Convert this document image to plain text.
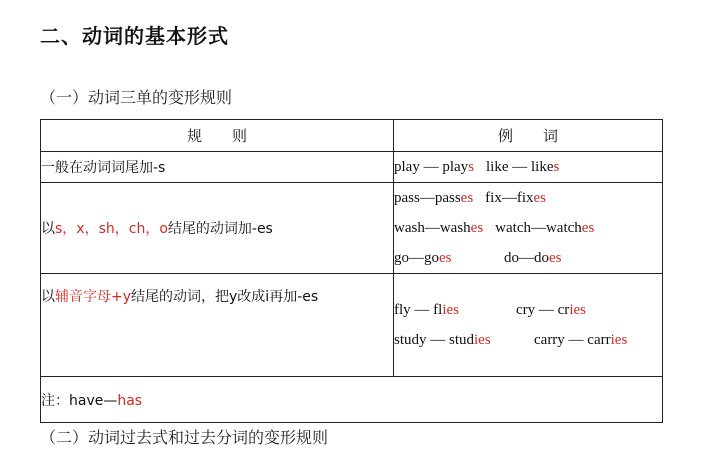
二、动词的基本形式
（一）动词三单的变形规则
规　　则	例　　词
一般在动词词尾加-s	play — plays like — likes

以s，x，sh，ch，o结尾的动词加-es	pass—passes fix—fixes
wash—washes watch—watches
go—goes do—does

以辅音字母+y结尾的动词，把y改成i再加-es	fly — flies cry — cries
study — studies carry — carries

注：have—has	
（二）动词过去式和过去分词的变形规则
